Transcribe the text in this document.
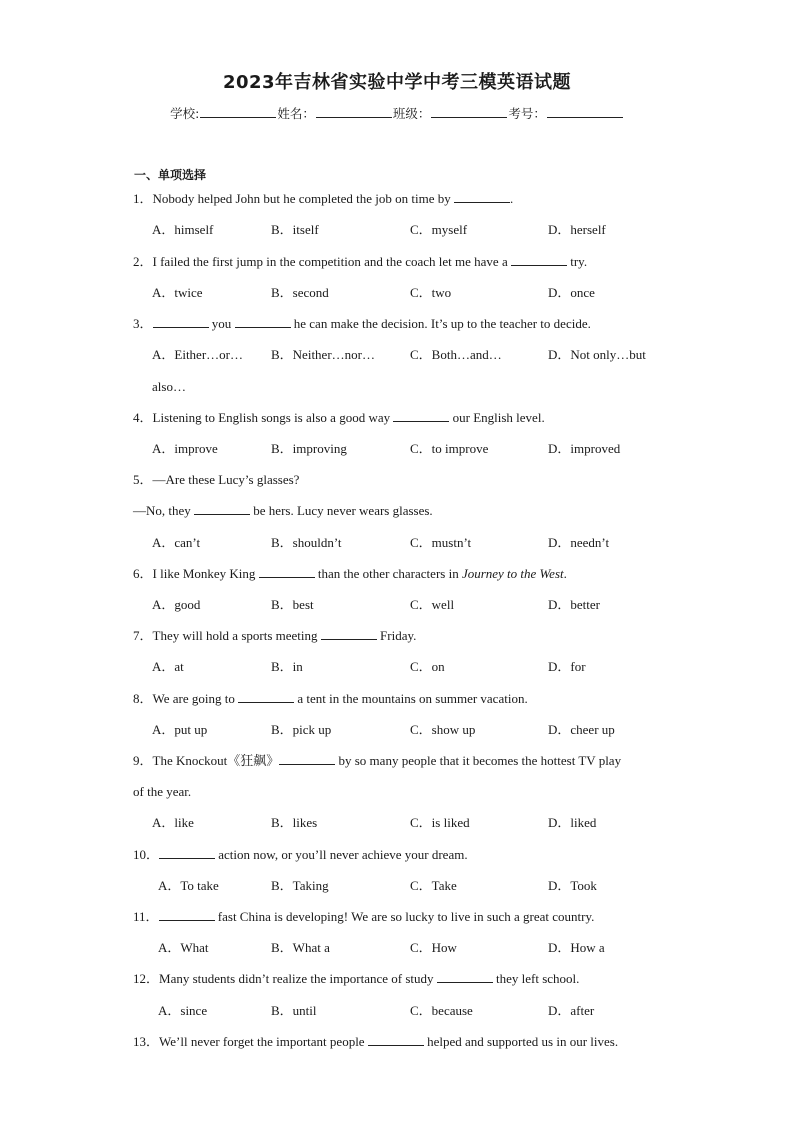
2023年吉林省实验中学中考三模英语试题
学校:	姓名：	班级：	考号：
一、单项选择
1．Nobody helped John but he completed the job on time by	.
A．himself	B．itself	C．myself	D．herself
2．I failed the first jump in the competition and the coach let me have a	try.
A．twice	B．second	C．two	D．once
3．	you	he can make the decision. It’s up to the teacher to decide.
A．Either…or… B．Neither…nor…	C．Both…and…	D．Not only…but
also…
4．Listening to English songs is also a good way	our English level.
A．improve	B．improving	C．to improve	D．improved
5．—Are these Lucy’s glasses?
—No, they	be hers. Lucy never wears glasses.
A．can’t	B．shouldn’t	C．mustn’t	D．needn’t
6．I like Monkey King	than the other characters in Journey to the West.
A．good	B．best	C．well	D．better
7．They will hold a sports meeting	Friday.
A．at	B．in	C．on	D．for
8．We are going to	a tent in the mountains on summer vacation.
A．put up	B．pick up	C．show up	D．cheer up
9．The Knockout《狂飙》	by so many people that it becomes the hottest TV play
of the year.
A．like	B．likes	C．is liked	D．liked
10．	action now, or you’ll never achieve your dream.
A．To take	B．Taking	C．Take	D．Took
11．	fast China is developing! We are so lucky to live in such a great country.
A．What	B．What a	C．How	D．How a
12．Many students didn’t realize the importance of study	they left school.
A．since	B．until	C．because	D．after
13．We’ll never forget the important people	helped and supported us in our lives.
